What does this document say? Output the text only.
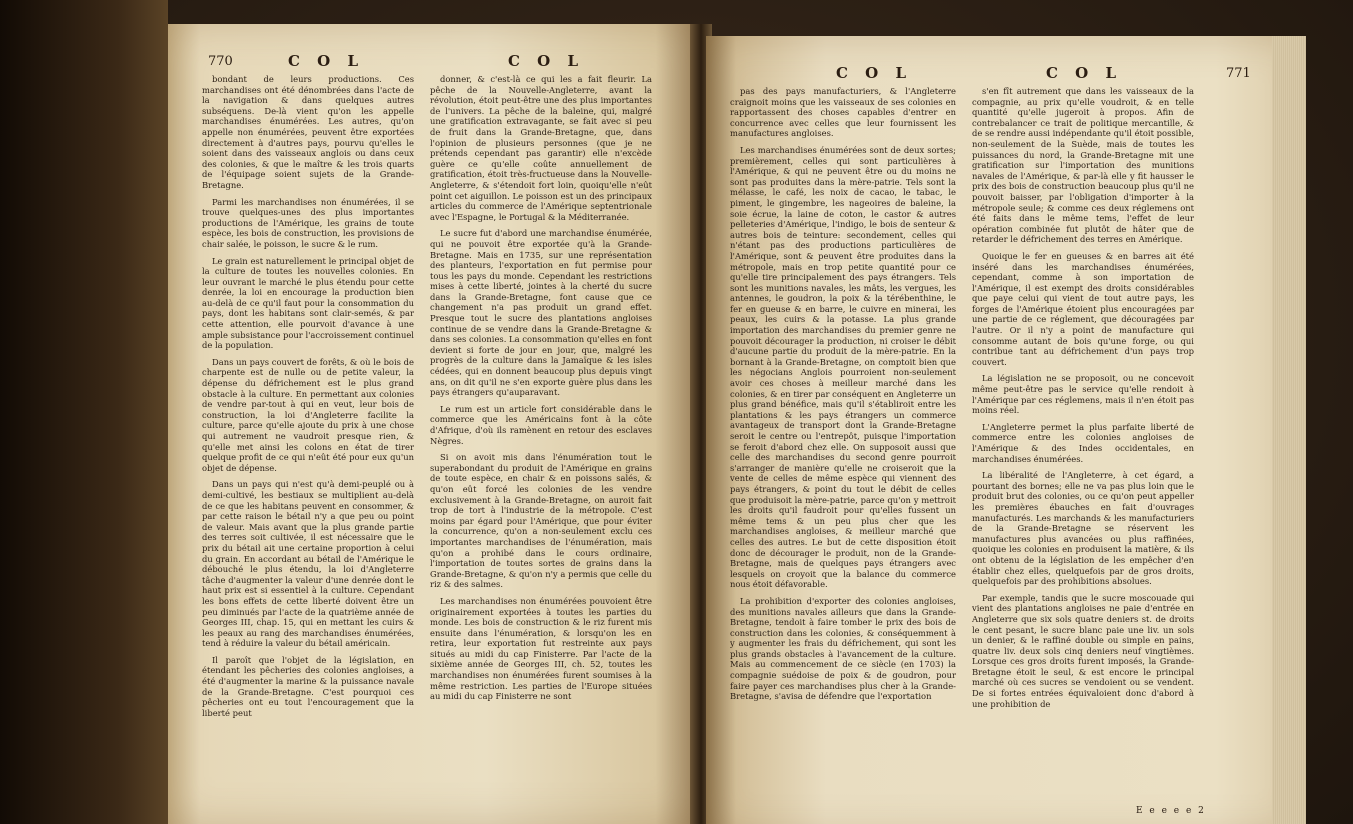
770	C O L	C O L

bondant de leurs productions. Ces marchandises ont été dénombrées dans l'acte de la navigation & dans quelques autres subséquens. De-là vient qu'on les appelle marchandises énumérées. Les autres, qu'on appelle non énumérées, peuvent être exportées directement à d'autres pays, pourvu qu'elles le soient dans des vaisseaux anglois ou dans ceux des colonies, & que le maître & les trois quarts de l'équipage soient sujets de la Grande-Bretagne.

Parmi les marchandises non énumérées, il se trouve quelques-unes des plus importantes productions de l'Amérique, les grains de toute espèce, les bois de construction, les provisions de chair salée, le poisson, le sucre & le rum.

Le grain est naturellement le principal objet de la culture de toutes les nouvelles colonies. En leur ouvrant le marché le plus étendu pour cette denrée, la loi en encourage la production bien au-delà de ce qu'il faut pour la consommation du pays, dont les habitans sont clair-semés, & par cette attention, elle pourvoit d'avance à une ample subsistance pour l'accroissement continuel de la population.

Dans un pays couvert de forêts, & où le bois de charpente est de nulle ou de petite valeur, la dépense du défrichement est le plus grand obstacle à la culture. En permettant aux colonies de vendre par-tout à qui en veut, leur bois de construction, la loi d'Angleterre facilite la culture, parce qu'elle ajoute du prix à une chose qui autrement ne vaudroit presque rien, & qu'elle met ainsi les colons en état de tirer quelque profit de ce qui n'eût été pour eux qu'un objet de dépense.

Dans un pays qui n'est qu'à demi-peuplé ou à demi-cultivé, les bestiaux se multiplient au-delà de ce que les habitans peuvent en consommer, & par cette raison le bétail n'y a que peu ou point de valeur. Mais avant que la plus grande partie des terres soit cultivée, il est nécessaire que le prix du bétail ait une certaine proportion à celui du grain. En accordant au bétail de l'Amérique le débouché le plus étendu, la loi d'Angleterre tâche d'augmenter la valeur d'une denrée dont le haut prix est si essentiel à la culture. Cependant les bons effets de cette liberté doivent être un peu diminués par l'acte de la quatrième année de Georges III, chap. 15, qui en mettant les cuirs & les peaux au rang des marchandises énumérées, tend à réduire la valeur du bétail américain.

Il paroît que l'objet de la législation, en étendant les pêcheries des colonies angloises, a été d'augmenter la marine & la puissance navale de la Grande-Bretagne. C'est pourquoi ces pêcheries ont eu tout l'encouragement que la liberté peut

donner, & c'est-là ce qui les a fait fleurir. La pêche de la Nouvelle-Angleterre, avant la révolution, étoit peut-être une des plus importantes de l'univers. La pêche de la baleine, qui, malgré une gratification extravagante, se fait avec si peu de fruit dans la Grande-Bretagne, que, dans l'opinion de plusieurs personnes (que je ne prétends cependant pas garantir) elle n'excède guère ce qu'elle coûte annuellement de gratification, étoit très-fructueuse dans la Nouvelle-Angleterre, & s'étendoit fort loin, quoiqu'elle n'eût point cet aiguillon. Le poisson est un des principaux articles du commerce de l'Amérique septentrionale avec l'Espagne, le Portugal & la Méditerranée.

Le sucre fut d'abord une marchandise énumérée, qui ne pouvoit être exportée qu'à la Grande-Bretagne. Mais en 1735, sur une représentation des planteurs, l'exportation en fut permise pour tous les pays du monde. Cependant les restrictions mises à cette liberté, jointes à la cherté du sucre dans la Grande-Bretagne, font cause que ce changement n'a pas produit un grand effet. Presque tout le sucre des plantations angloises continue de se vendre dans la Grande-Bretagne & dans ses colonies. La consommation qu'elles en font devient si forte de jour en jour, que, malgré les progrès de la culture dans la Jamaïque & les isles cédées, qui en donnent beaucoup plus depuis vingt ans, on dit qu'il ne s'en exporte guère plus dans les pays étrangers qu'auparavant.

Le rum est un article fort considérable dans le commerce que les Américains font à la côte d'Afrique, d'où ils ramènent en retour des esclaves Nègres.

Si on avoit mis dans l'énumération tout le superabondant du produit de l'Amérique en grains de toute espèce, en chair & en poissons salés, & qu'on eût forcé les colonies de les vendre exclusivement à la Grande-Bretagne, on auroit fait trop de tort à l'industrie de la métropole. C'est moins par égard pour l'Amérique, que pour éviter la concurrence, qu'on a non-seulement exclu ces importantes marchandises de l'énumération, mais qu'on a prohibé dans le cours ordinaire, l'importation de toutes sortes de grains dans la Grande-Bretagne, & qu'on n'y a permis que celle du riz & des salmes.

Les marchandises non énumérées pouvoient être originairement exportées à toutes les parties du monde. Les bois de construction & le riz furent mis ensuite dans l'énumération, & lorsqu'on les en retira, leur exportation fut restreinte aux pays situés au midi du cap Finisterre. Par l'acte de la sixième année de Georges III, ch. 52, toutes les marchandises non énumérées furent soumises à la même restriction. Les parties de l'Europe situées au midi du cap Finisterre ne sont

C O L	C O L	771

pas des pays manufacturiers, & l'Angleterre craignoit moins que les vaisseaux de ses colonies en rapportassent des choses capables d'entrer en concurrence avec celles que leur fournissent les manufactures angloises.

Les marchandises énumérées sont de deux sortes; premièrement, celles qui sont particulières à l'Amérique, & qui ne peuvent être ou du moins ne sont pas produites dans la mère-patrie. Tels sont la mélasse, le café, les noix de cacao, le tabac, le piment, le gingembre, les nageoires de baleine, la soie écrue, la laine de coton, le castor & autres pelleteries d'Amérique, l'indigo, le bois de senteur & autres bois de teinture: secondement, celles qui n'étant pas des productions particulières de l'Amérique, sont & peuvent être produites dans la métropole, mais en trop petite quantité pour ce qu'elle tire principalement des pays étrangers. Tels sont les munitions navales, les mâts, les vergues, les antennes, le goudron, la poix & la térébenthine, le fer en gueuse & en barre, le cuivre en minerai, les peaux, les cuirs & la potasse. La plus grande importation des marchandises du premier genre ne pouvoit décourager la production, ni croiser le débit d'aucune partie du produit de la mère-patrie. En la bornant à la Grande-Bretagne, on comptoit bien que les négocians Anglois pourroient non-seulement avoir ces choses à meilleur marché dans les colonies, & en tirer par conséquent en Angleterre un plus grand bénéfice, mais qu'il s'établiroit entre les plantations & les pays étrangers un commerce avantageux de transport dont la Grande-Bretagne seroit le centre ou l'entrepôt, puisque l'importation se feroit d'abord chez elle. On supposoit aussi que celle des marchandises du second genre pourroit s'arranger de manière qu'elle ne croiseroit que la vente de celles de même espèce qui viennent des pays étrangers, & point du tout le débit de celles que produisoit la mère-patrie, parce qu'on y mettroit les droits qu'il faudroit pour qu'elles fussent un même tems & un peu plus cher que les marchandises angloises, & meilleur marché que celles des autres. Le but de cette disposition étoit donc de décourager le produit, non de la Grande-Bretagne, mais de quelques pays étrangers avec lesquels on croyoit que la balance du commerce nous étoit défavorable.

La prohibition d'exporter des colonies angloises, des munitions navales ailleurs que dans la Grande-Bretagne, tendoit à faire tomber le prix des bois de construction dans les colonies, & conséquemment à y augmenter les frais du défrichement, qui sont les plus grands obstacles à l'avancement de la culture. Mais au commencement de ce siècle (en 1703) la compagnie suédoise de poix & de goudron, pour faire payer ces marchandises plus cher à la Grande-Bretagne, s'avisa de défendre que l'exportation

s'en fît autrement que dans les vaisseaux de la compagnie, au prix qu'elle voudroit, & en telle quantité qu'elle jugeroit à propos. Afin de contrebalancer ce trait de politique mercantille, & de se rendre aussi indépendante qu'il étoit possible, non-seulement de la Suède, mais de toutes les puissances du nord, la Grande-Bretagne mit une gratification sur l'importation des munitions navales de l'Amérique, & par-là elle y fit hausser le prix des bois de construction beaucoup plus qu'il ne pouvoit baisser, par l'obligation d'importer à la métropole seule; & comme ces deux réglemens ont été faits dans le même tems, l'effet de leur opération combinée fut plutôt de hâter que de retarder le défrichement des terres en Amérique.

Quoique le fer en gueuses & en barres ait été inséré dans les marchandises énumérées, cependant, comme à son importation de l'Amérique, il est exempt des droits considérables que paye celui qui vient de tout autre pays, les forges de l'Amérique étoient plus encouragées par une partie de ce réglement, que découragées par l'autre. Or il n'y a point de manufacture qui consomme autant de bois qu'une forge, ou qui contribue tant au défrichement d'un pays trop couvert.

La législation ne se proposoit, ou ne concevoit même peut-être pas le service qu'elle rendoit à l'Amérique par ces réglemens, mais il n'en étoit pas moins réel.

L'Angleterre permet la plus parfaite liberté de commerce entre les colonies angloises de l'Amérique & des Indes occidentales, en marchandises énumérées.

La libéralité de l'Angleterre, à cet égard, a pourtant des bornes; elle ne va pas plus loin que le produit brut des colonies, ou ce qu'on peut appeller les premières ébauches en fait d'ouvrages manufacturés. Les marchands & les manufacturiers de la Grande-Bretagne se réservent les manufactures plus avancées ou plus raffinées, quoique les colonies en produisent la matière, & ils ont obtenu de la législation de les empêcher d'en établir chez elles, quelquefois par de gros droits, quelquefois par des prohibitions absolues.

Par exemple, tandis que le sucre moscouade qui vient des plantations angloises ne paie d'entrée en Angleterre que six sols quatre deniers st. de droits le cent pesant, le sucre blanc paie une liv. un sols un denier, & le raffiné double ou simple en pains, quatre liv. deux sols cinq deniers neuf vingtièmes. Lorsque ces gros droits furent imposés, la Grande-Bretagne étoit le seul, & est encore le principal marché où ces sucres se vendoient ou se vendent. De si fortes entrées équivaloient donc d'abord à une prohibition de

E e e e e 2
